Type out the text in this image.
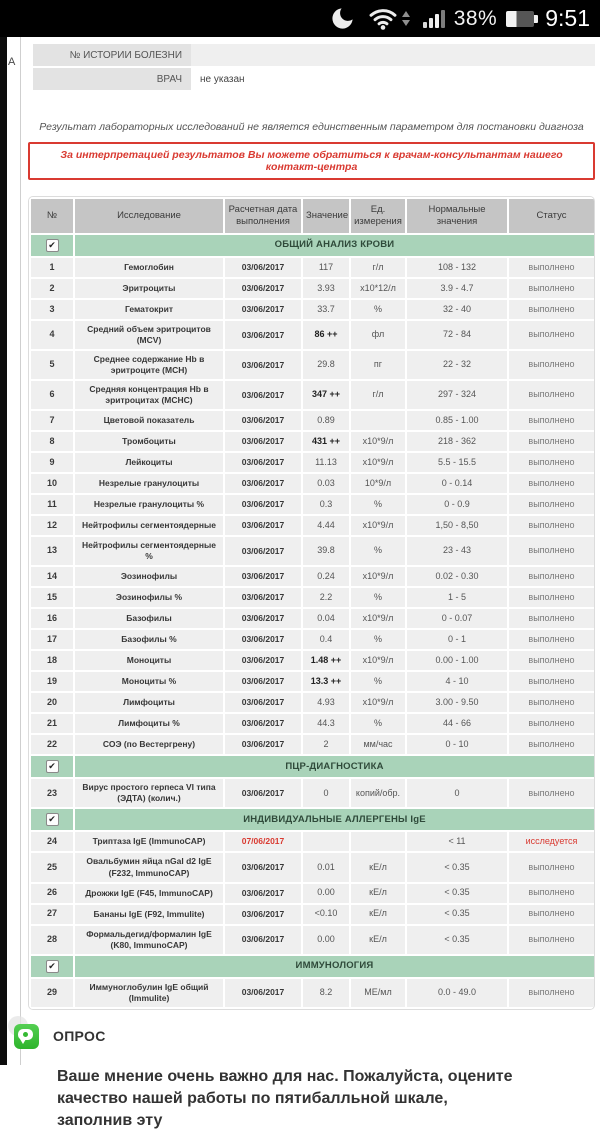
38% 9:51
A
№ ИСТОРИИ БОЛЕЗНИ
ВРАЧ	не указан
Результат лабораторных исследований не является единственным параметром для постановки диагноза
За интерпретацией результатов Вы можете обратиться к врачам-консультантам нашего контакт-центра
№	Исследование	Расчетная дата выполнения	Значение	Ед. измерения	Нормальные значения	Статус
✔	ОБЩИЙ АНАЛИЗ КРОВИ					
1	Гемоглобин	03/06/2017	117	г/л	108 - 132	выполнено
2	Эритроциты	03/06/2017	3.93	x10*12/л	3.9 - 4.7	выполнено
3	Гематокрит	03/06/2017	33.7	%	32 - 40	выполнено
4	Средний объем эритроцитов (MCV)	03/06/2017	86 ++	фл	72 - 84	выполнено
5	Среднее содержание Hb в эритроците (MCH)	03/06/2017	29.8	пг	22 - 32	выполнено
6	Средняя концентрация Hb в эритроцитах (MCHC)	03/06/2017	347 ++	г/л	297 - 324	выполнено
7	Цветовой показатель	03/06/2017	0.89		0.85 - 1.00	выполнено
8	Тромбоциты	03/06/2017	431 ++	x10*9/л	218 - 362	выполнено
9	Лейкоциты	03/06/2017	11.13	x10*9/л	5.5 - 15.5	выполнено
10	Незрелые гранулоциты	03/06/2017	0.03	10*9/л	0 - 0.14	выполнено
11	Незрелые гранулоциты %	03/06/2017	0.3	%	0 - 0.9	выполнено
12	Нейтрофилы сегментоядерные	03/06/2017	4.44	x10*9/л	1,50 - 8,50	выполнено
13	Нейтрофилы сегментоядерные %	03/06/2017	39.8	%	23 - 43	выполнено
14	Эозинофилы	03/06/2017	0.24	x10*9/л	0.02 - 0.30	выполнено
15	Эозинофилы %	03/06/2017	2.2	%	1 - 5	выполнено
16	Базофилы	03/06/2017	0.04	x10*9/л	0 - 0.07	выполнено
17	Базофилы %	03/06/2017	0.4	%	0 - 1	выполнено
18	Моноциты	03/06/2017	1.48 ++	x10*9/л	0.00 - 1.00	выполнено
19	Моноциты %	03/06/2017	13.3 ++	%	4 - 10	выполнено
20	Лимфоциты	03/06/2017	4.93	x10*9/л	3.00 - 9.50	выполнено
21	Лимфоциты %	03/06/2017	44.3	%	44 - 66	выполнено
22	СОЭ (по Вестергрену)	03/06/2017	2	мм/час	0 - 10	выполнено
✔	ПЦР-ДИАГНОСТИКА					
23	Вирус простого герпеса VI типа (ЭДТА) (колич.)	03/06/2017	0	копий/обр.	0	выполнено
✔	ИНДИВИДУАЛЬНЫЕ АЛЛЕРГЕНЫ IgE					
24	Триптаза IgE (ImmunoCAP)	07/06/2017			< 11	исследуется
25	Овальбумин яйца nGal d2 IgE (F232, ImmunoCAP)	03/06/2017	0.01	кЕ/л	< 0.35	выполнено
26	Дрожжи IgE (F45, ImmunoCAP)	03/06/2017	0.00	кЕ/л	< 0.35	выполнено
27	Бананы IgE (F92, Immulite)	03/06/2017	<0.10	кЕ/л	< 0.35	выполнено
28	Формальдегид/формалин IgE (K80, ImmunoCAP)	03/06/2017	0.00	кЕ/л	< 0.35	выполнено
✔	ИММУНОЛОГИЯ					
29	Иммуноглобулин IgE общий (Immulite)	03/06/2017	8.2	МЕ/мл	0.0 - 49.0	выполнено
ОПРОС
Ваше мнение очень важно для нас. Пожалуйста, оцените качество нашей работы по пятибалльной шкале, заполнив эту
